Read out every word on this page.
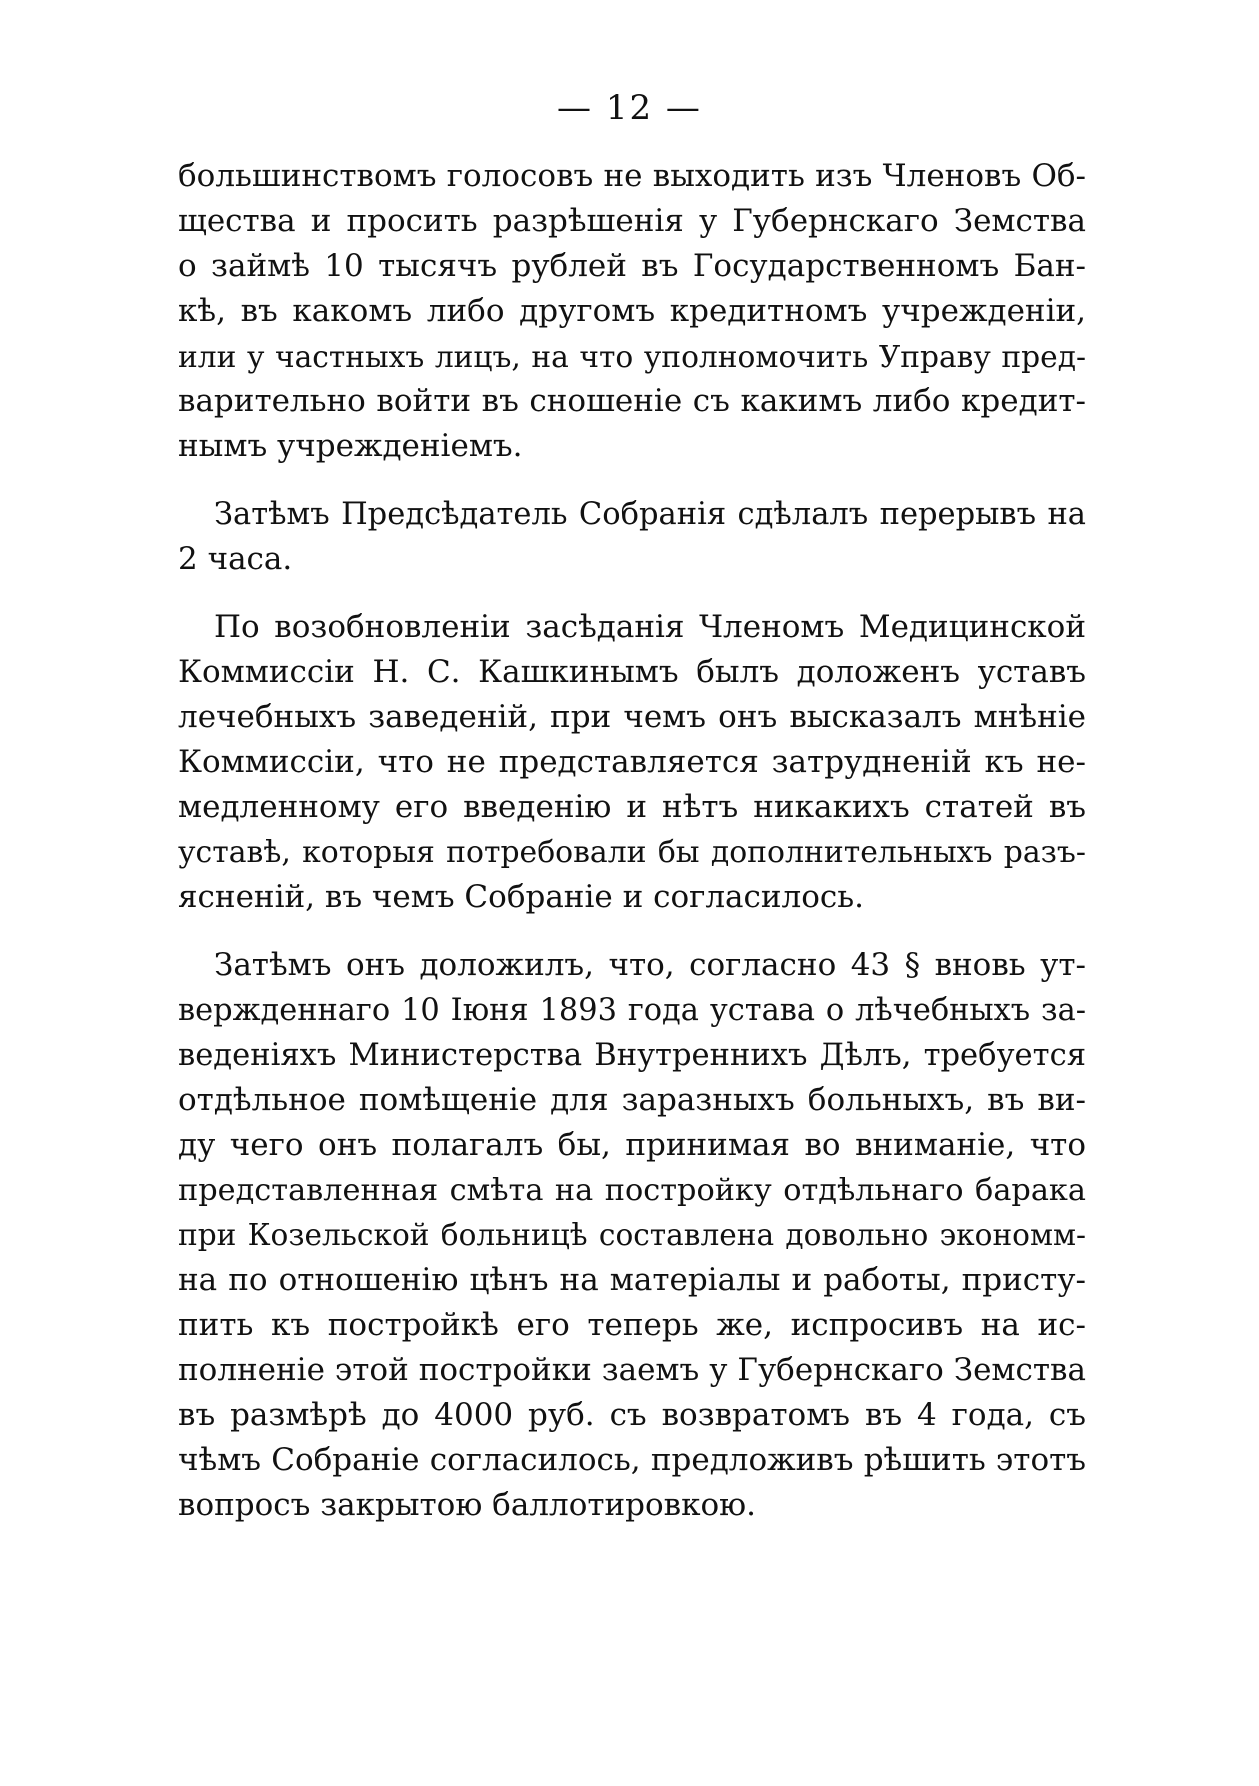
— 12 —
большинствомъ голосовъ не выходить изъ Членовъ Об-
щества и просить разрѣшенія у Губернскаго Земства
о займѣ 10 тысячъ рублей въ Государственномъ Бан-
кѣ, въ какомъ либо другомъ кредитномъ учрежденіи,
или у частныхъ лицъ, на что уполномочить Управу пред-
варительно войти въ сношеніе съ какимъ либо кредит-
нымъ учрежденіемъ.
Затѣмъ Предсѣдатель Собранія сдѣлалъ перерывъ на
2 часа.
По возобновленіи засѣданія Членомъ Медицинской
Коммиссіи Н. С. Кашкинымъ былъ доложенъ уставъ
лечебныхъ заведеній, при чемъ онъ высказалъ мнѣніе
Коммиссіи, что не представляется затрудненій къ не-
медленному его введенію и нѣтъ никакихъ статей въ
уставѣ, которыя потребовали бы дополнительныхъ разъ-
ясненій, въ чемъ Собраніе и согласилось.
Затѣмъ онъ доложилъ, что, согласно 43 § вновь ут-
вержденнаго 10 Іюня 1893 года устава о лѣчебныхъ за-
веденіяхъ Министерства Внутреннихъ Дѣлъ, требуется
отдѣльное помѣщеніе для заразныхъ больныхъ, въ ви-
ду чего онъ полагалъ бы, принимая во вниманіе, что
представленная смѣта на постройку отдѣльнаго барака
при Козельской больницѣ составлена довольно экономм-
на по отношенію цѣнъ на матеріалы и работы, присту-
пить къ постройкѣ его теперь же, испросивъ на ис-
полненіе этой постройки заемъ у Губернскаго Земства
въ размѣрѣ до 4000 руб. съ возвратомъ въ 4 года, съ
чѣмъ Собраніе согласилось, предложивъ рѣшить этотъ
вопросъ закрытою баллотировкою.
